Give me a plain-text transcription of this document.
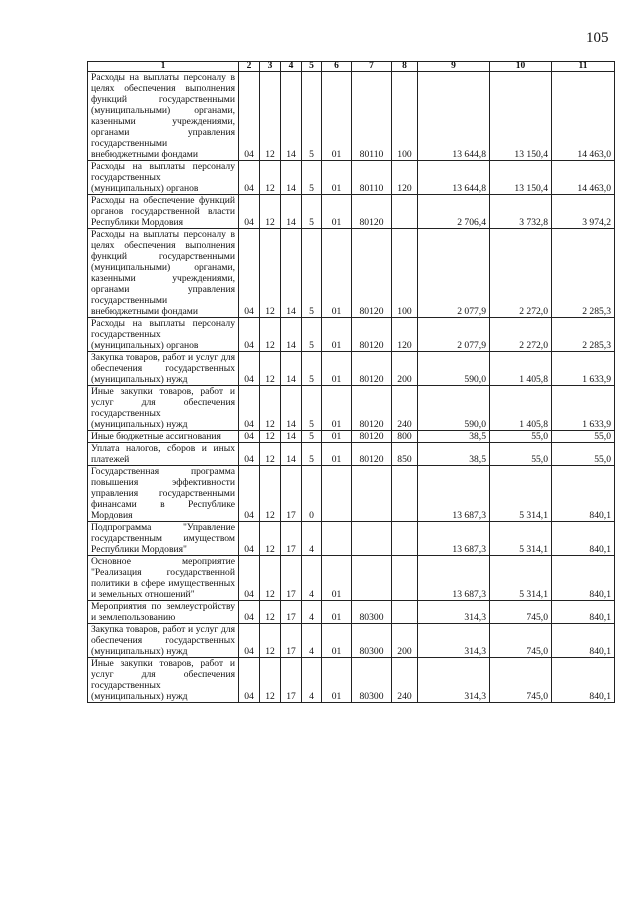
105
1	2	3	4	5	6	7	8	9	10	11
Расходы на выплаты персоналу в целях обеспечения выполнения функций государственными (муниципальными) органами, казенными учреждениями, органами управления государственными внебюджетными фондами	04	12	14	5	01	80110	100	13 644,8	13 150,4	14 463,0
Расходы на выплаты персоналу государственных (муниципальных) органов	04	12	14	5	01	80110	120	13 644,8	13 150,4	14 463,0
Расходы на обеспечение функций органов государственной власти Республики Мордовия	04	12	14	5	01	80120		2 706,4	3 732,8	3 974,2
Расходы на выплаты персоналу в целях обеспечения выполнения функций государственными (муниципальными) органами, казенными учреждениями, органами управления государственными внебюджетными фондами	04	12	14	5	01	80120	100	2 077,9	2 272,0	2 285,3
Расходы на выплаты персоналу государственных (муниципальных) органов	04	12	14	5	01	80120	120	2 077,9	2 272,0	2 285,3
Закупка товаров, работ и услуг для обеспечения государственных (муниципальных) нужд	04	12	14	5	01	80120	200	590,0	1 405,8	1 633,9
Иные закупки товаров, работ и услуг для обеспечения государственных (муниципальных) нужд	04	12	14	5	01	80120	240	590,0	1 405,8	1 633,9
Иные бюджетные ассигнования	04	12	14	5	01	80120	800	38,5	55,0	55,0
Уплата налогов, сборов и иных платежей	04	12	14	5	01	80120	850	38,5	55,0	55,0
Государственная программа повышения эффективности управления государственными финансами в Республике Мордовия	04	12	17	0				13 687,3	5 314,1	840,1
Подпрограмма "Управление государственным имуществом Республики Мордовия"	04	12	17	4				13 687,3	5 314,1	840,1
Основное мероприятие "Реализация государственной политики в сфере имущественных и земельных отношений"	04	12	17	4	01			13 687,3	5 314,1	840,1
Мероприятия по землеустройству и землепользованию	04	12	17	4	01	80300		314,3	745,0	840,1
Закупка товаров, работ и услуг для обеспечения государственных (муниципальных) нужд	04	12	17	4	01	80300	200	314,3	745,0	840,1
Иные закупки товаров, работ и услуг для обеспечения государственных (муниципальных) нужд	04	12	17	4	01	80300	240	314,3	745,0	840,1
